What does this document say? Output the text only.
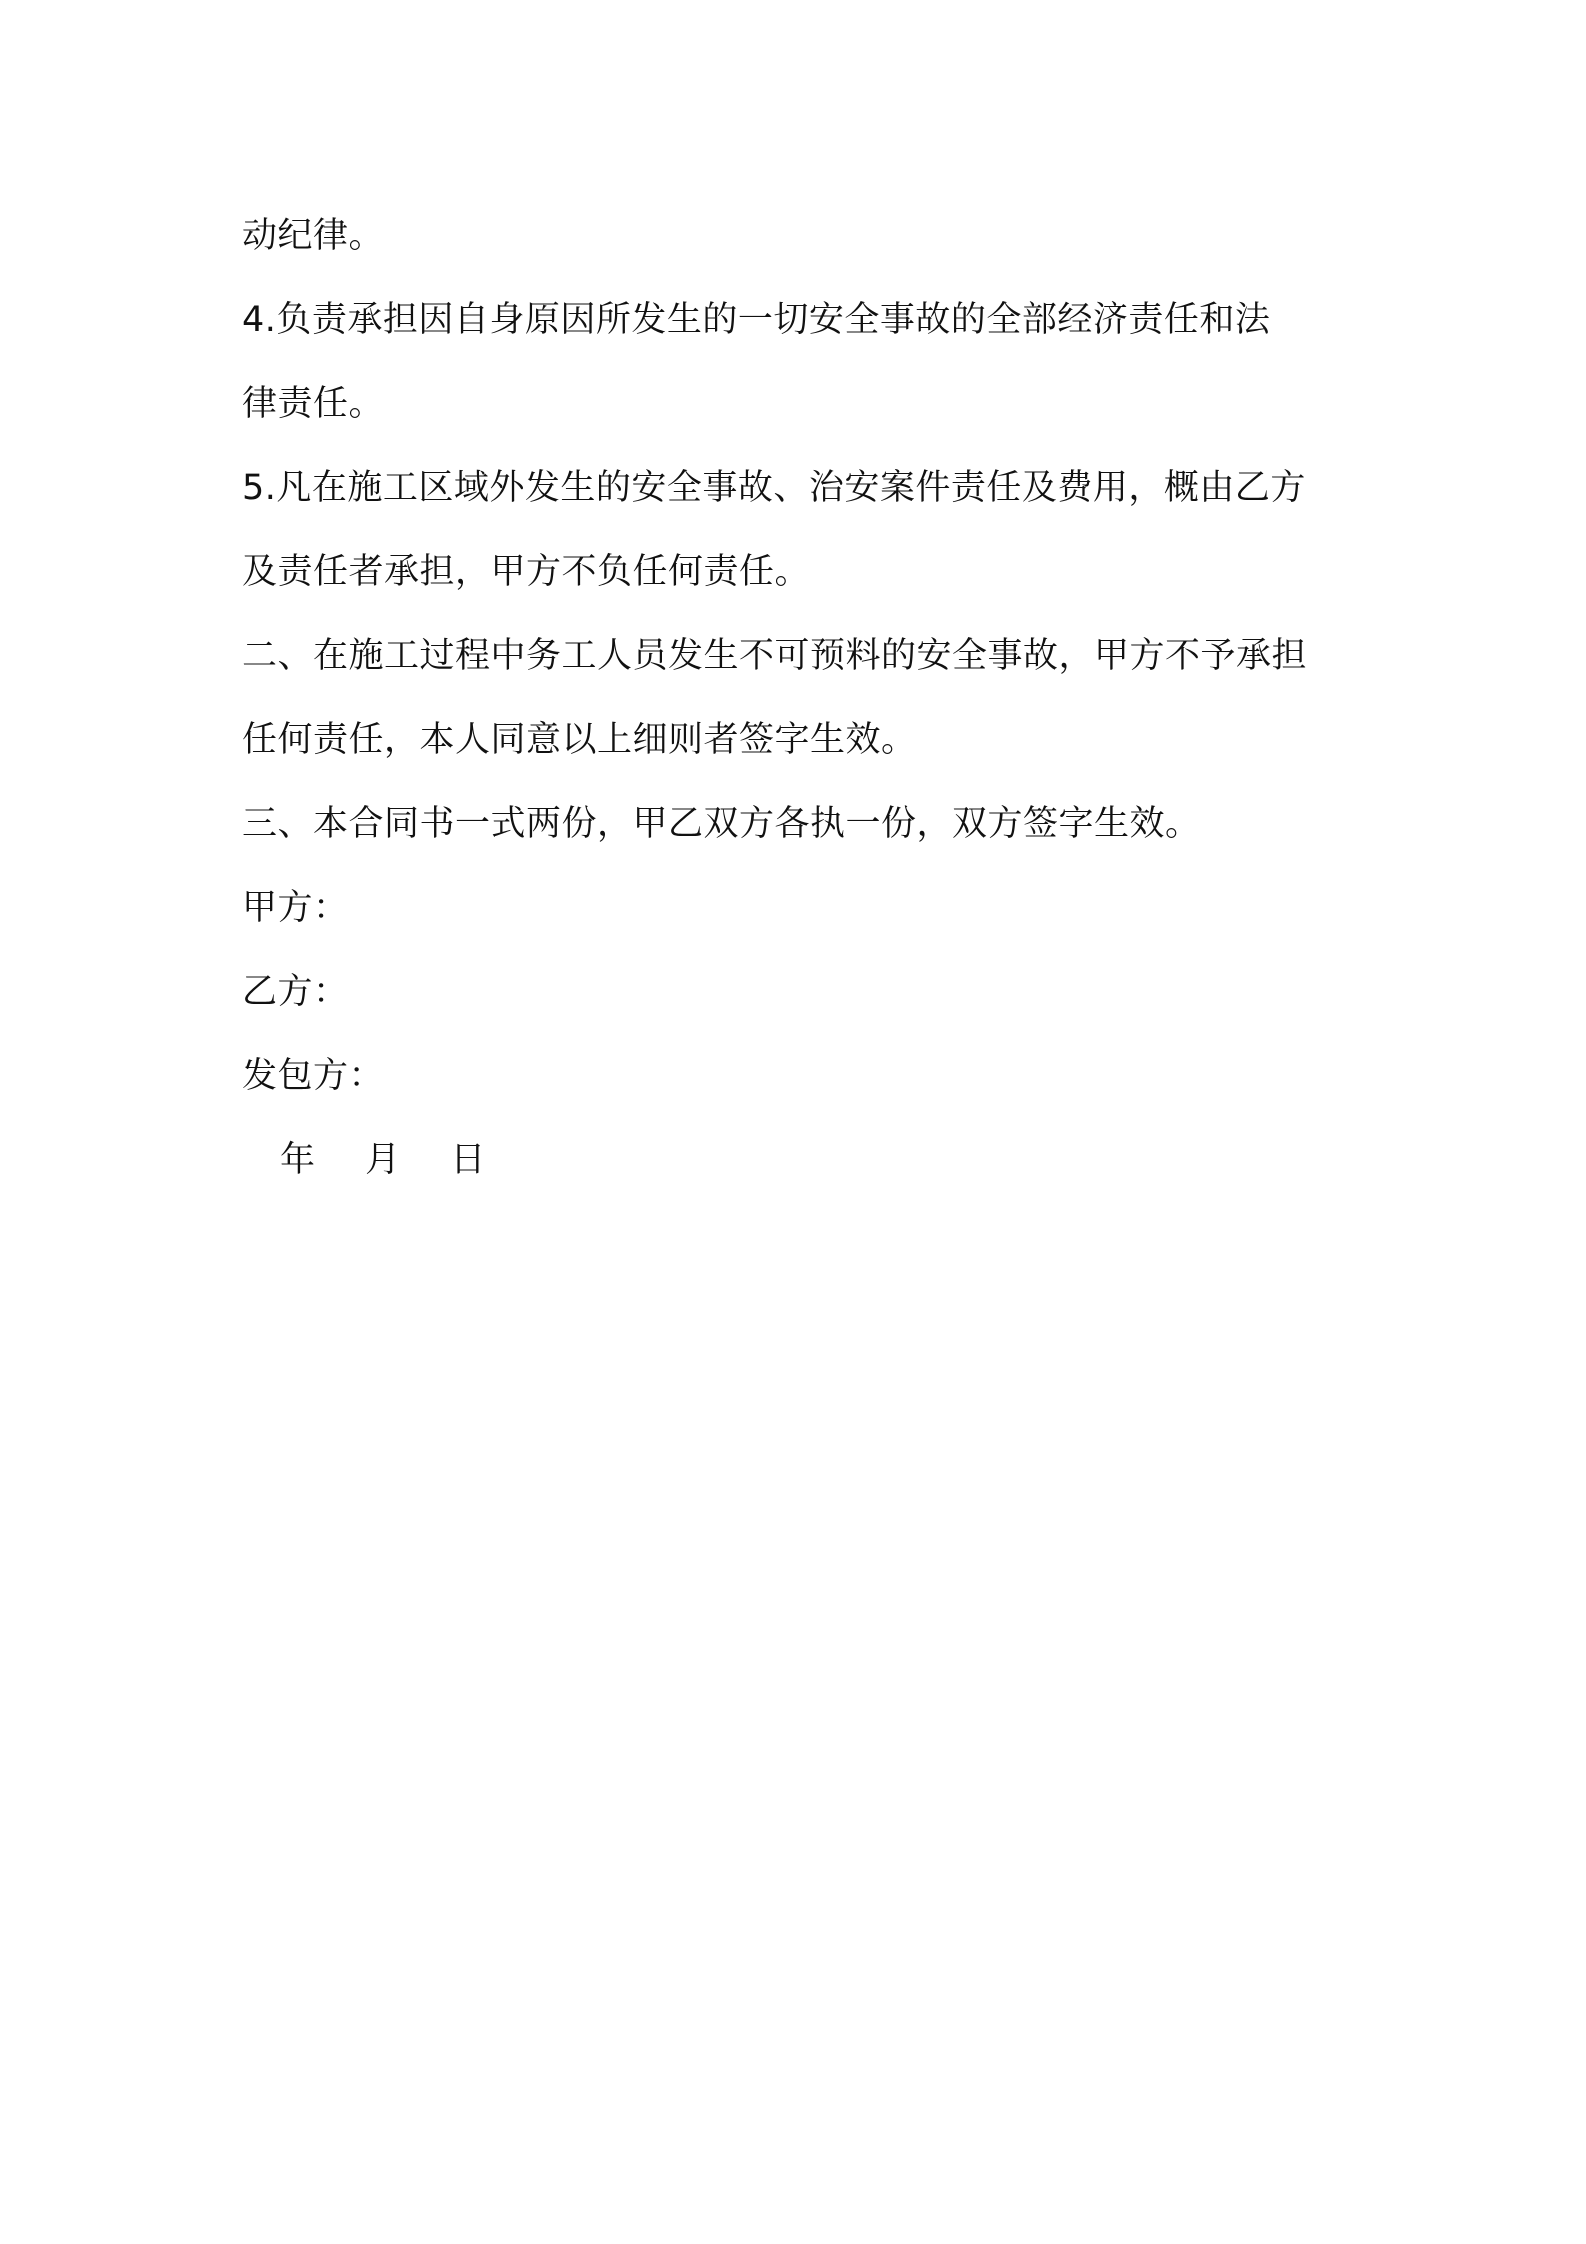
动纪律。
4.负责承担因自身原因所发生的一切安全事故的全部经济责任和法
律责任。
5.凡在施工区域外发生的安全事故、治安案件责任及费用，概由乙方
及责任者承担，甲方不负任何责任。
二、在施工过程中务工人员发生不可预料的安全事故，甲方不予承担
任何责任，本人同意以上细则者签字生效。
三、本合同书一式两份，甲乙双方各执一份，双方签字生效。
甲方：
乙方：
发包方：
年 月 日
